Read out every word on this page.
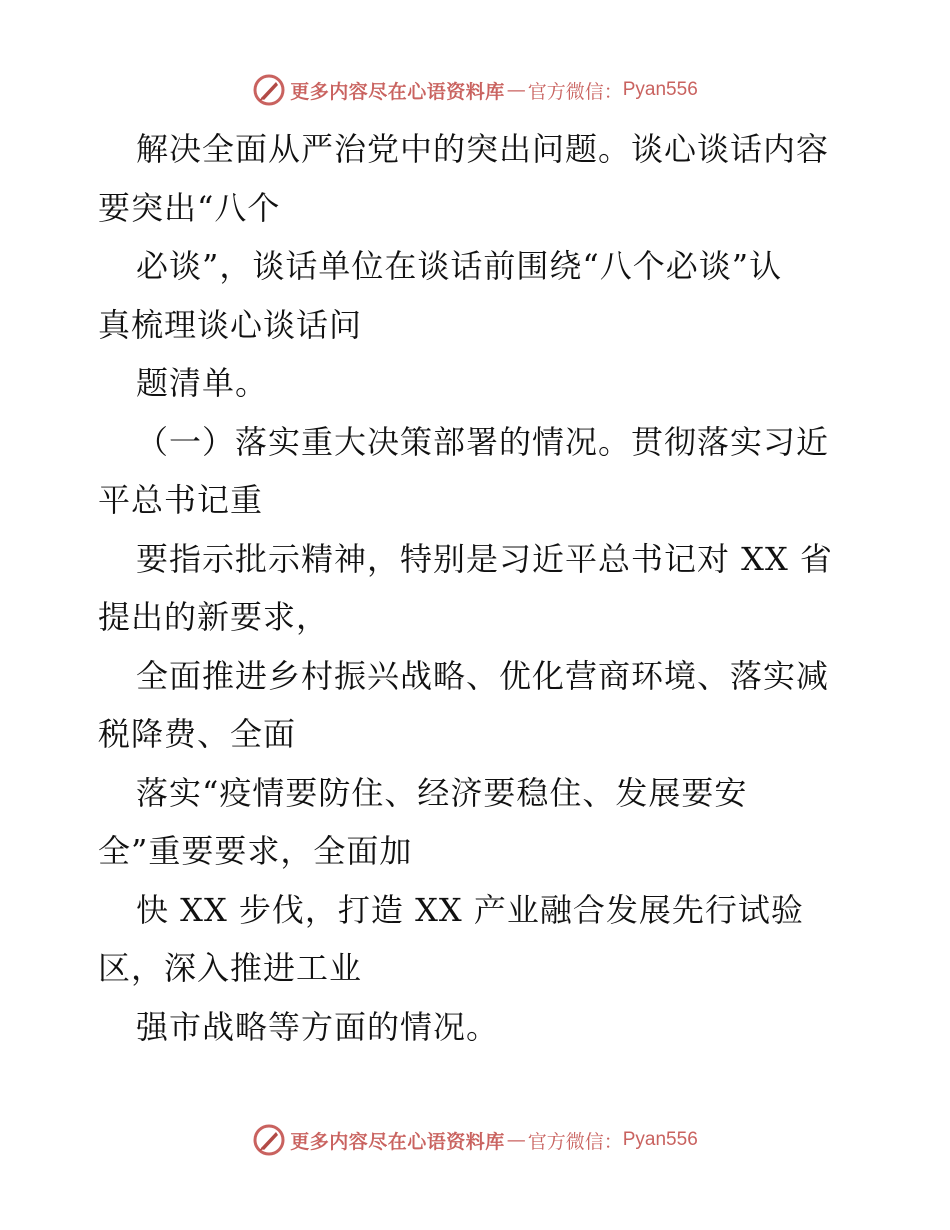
更多内容尽在心语资料库 — 官方微信： Pyan556
解决全面从严治党中的突出问题。谈心谈话内容
要突出“八个
必谈”，谈话单位在谈话前围绕“八个必谈”认
真梳理谈心谈话问
题清单。
（一）落实重大决策部署的情况。贯彻落实习近
平总书记重
要指示批示精神，特别是习近平总书记对 XX 省
提出的新要求，
全面推进乡村振兴战略、优化营商环境、落实减
税降费、全面
落实“疫情要防住、经济要稳住、发展要安
全”重要要求，全面加
快 XX 步伐，打造 XX 产业融合发展先行试验
区，深入推进工业
强市战略等方面的情况。
更多内容尽在心语资料库 — 官方微信： Pyan556
